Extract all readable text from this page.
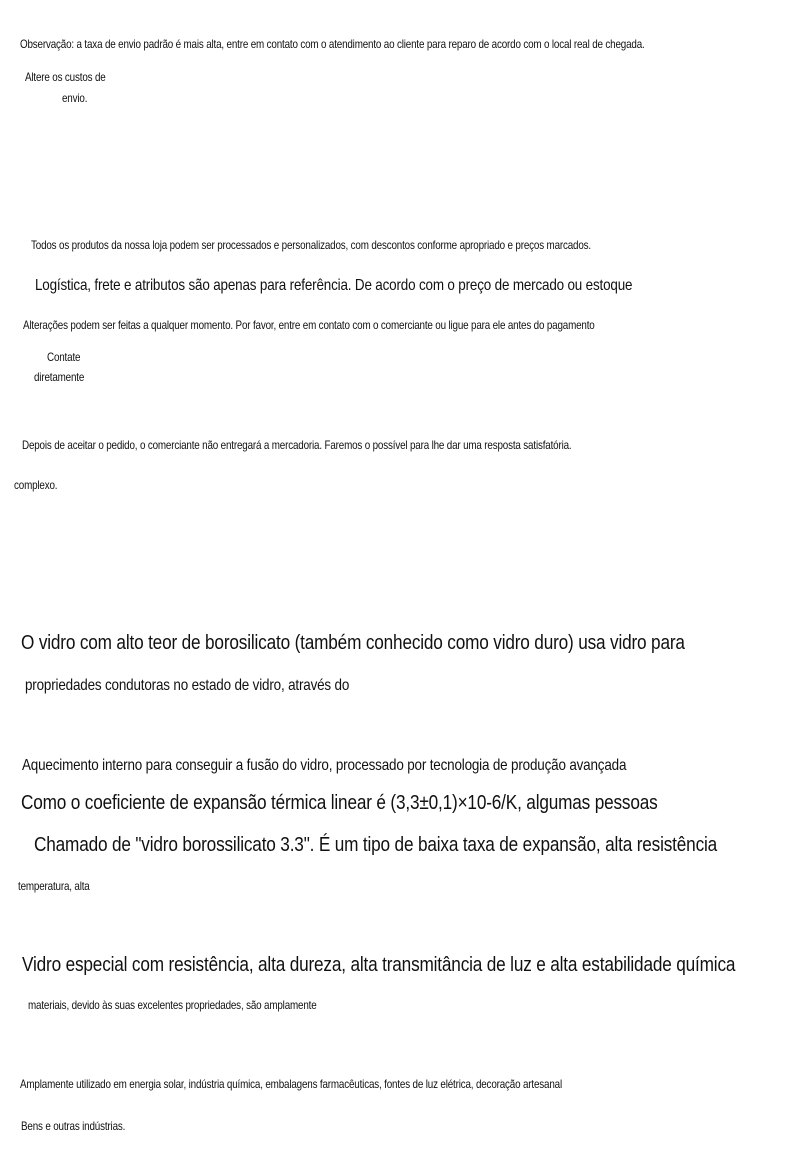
Observação: a taxa de envio padrão é mais alta, entre em contato com o atendimento ao cliente para reparo de acordo com o local real de chegada.
Altere os custos de
envio.
Todos os produtos da nossa loja podem ser processados ​​e personalizados, com descontos conforme apropriado e preços marcados.
Logística, frete e atributos são apenas para referência. De acordo com o preço de mercado ou estoque
Alterações podem ser feitas a qualquer momento. Por favor, entre em contato com o comerciante ou ligue para ele antes do pagamento
Contate
diretamente
Depois de aceitar o pedido, o comerciante não entregará a mercadoria. Faremos o possível para lhe dar uma resposta satisfatória.
complexo.
O vidro com alto teor de borosilicato (também conhecido como vidro duro) usa vidro para
propriedades condutoras no estado de vidro, através do
Aquecimento interno para conseguir a fusão do vidro, processado por tecnologia de produção avançada
Como o coeficiente de expansão térmica linear é (3,3±0,1)×10-6/K, algumas pessoas
Chamado de "vidro borossilicato 3.3". É um tipo de baixa taxa de expansão, alta resistência
temperatura, alta
Vidro especial com resistência, alta dureza, alta transmitância de luz e alta estabilidade química
materiais, devido às suas excelentes propriedades, são amplamente
Amplamente utilizado em energia solar, indústria química, embalagens farmacêuticas, fontes de luz elétrica, decoração artesanal
Bens e outras indústrias.
